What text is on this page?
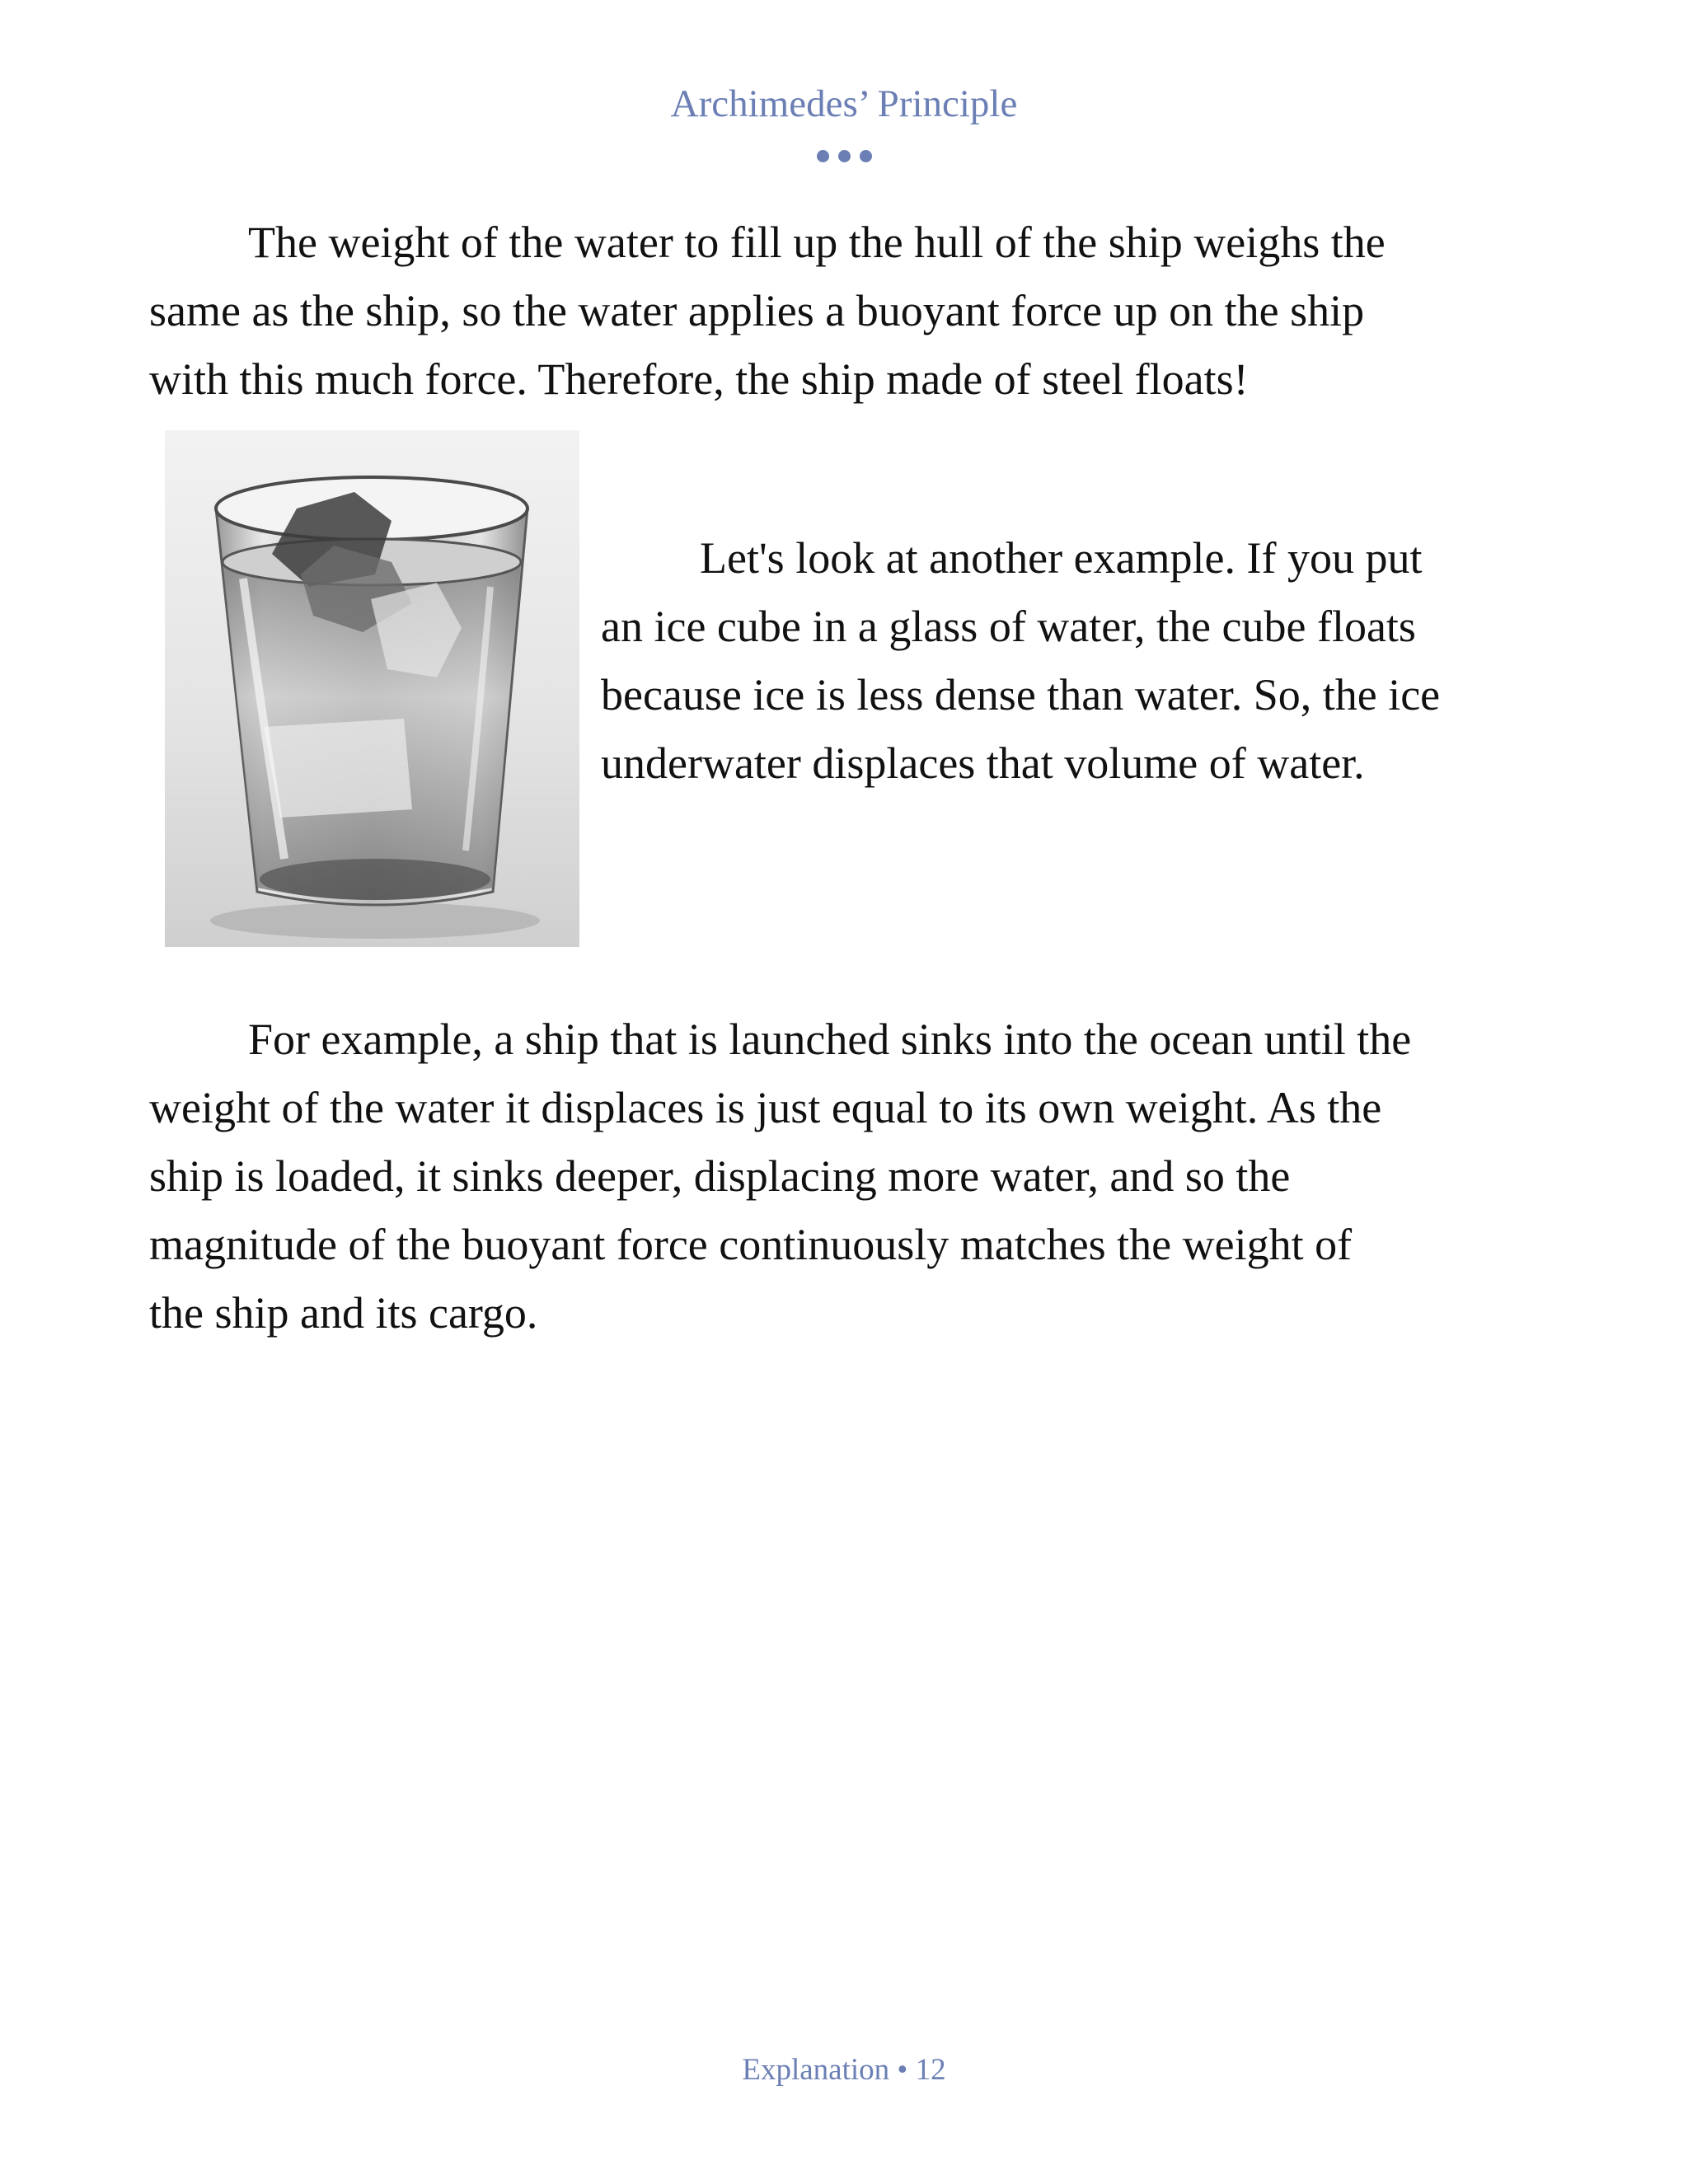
Archimedes’ Principle
The weight of the water to fill up the hull of the ship weighs the
same as the ship, so the water applies a buoyant force up on the ship
with this much force. Therefore, the ship made of steel floats!
Let's look at another example. If you put
an ice cube in a glass of water, the cube floats
because ice is less dense than water. So, the ice
underwater displaces that volume of water.
For example, a ship that is launched sinks into the ocean until the
weight of the water it displaces is just equal to its own weight. As the
ship is loaded, it sinks deeper, displacing more water, and so the
magnitude of the buoyant force continuously matches the weight of
the ship and its cargo.
Explanation • 12
